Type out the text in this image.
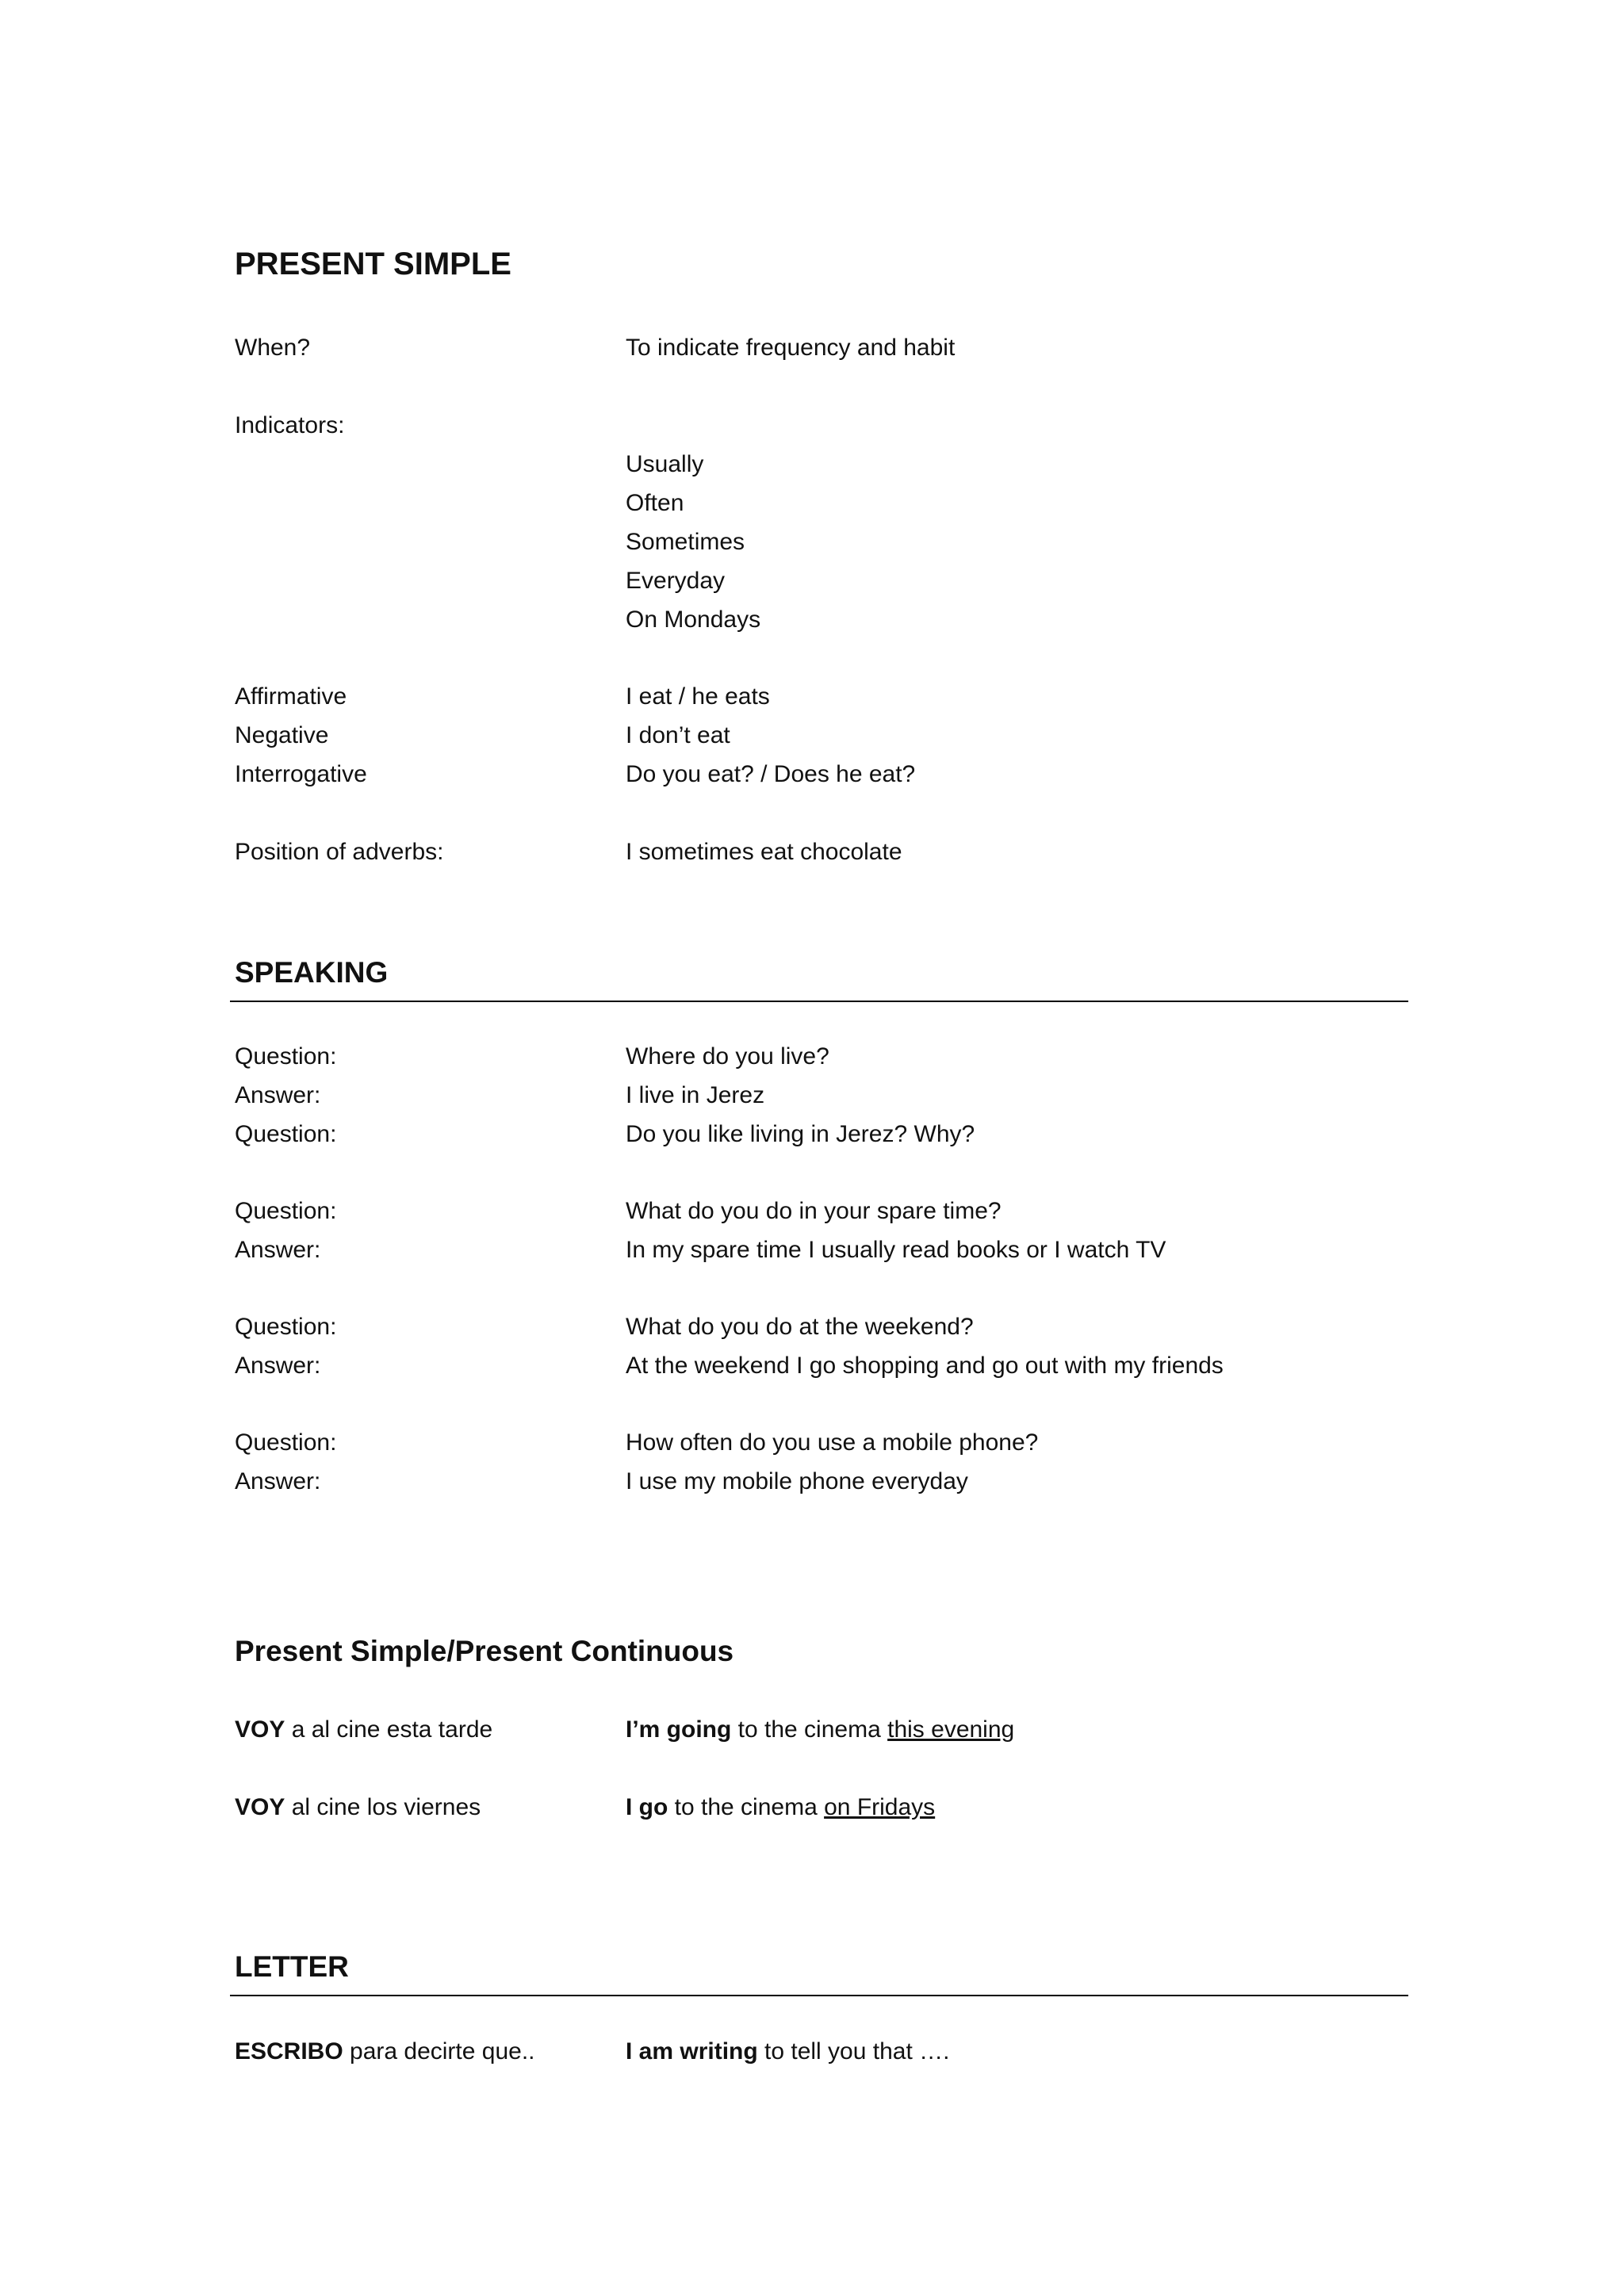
PRESENT SIMPLE
When?	To indicate frequency and habit
Indicators:
Usually
Often
Sometimes
Everyday
On Mondays
Affirmative	I eat / he eats
Negative	I don’t eat
Interrogative	Do you eat? / Does he eat?
Position of adverbs:	I sometimes eat chocolate
SPEAKING
Question:	Where do you live?
Answer:	I live in Jerez
Question:	Do you like living in Jerez? Why?
Question:	What do you do in your spare time?
Answer:	In my spare time I usually read books or I watch TV
Question:	What do you do at the weekend?
Answer:	At the weekend I go shopping and go out with my friends
Question:	How often do you use a mobile phone?
Answer:	I use my mobile phone everyday
Present Simple/Present Continuous
VOY a al cine esta tarde	I’m going to the cinema this evening
VOY al cine los viernes	I go to the cinema on Fridays
LETTER
ESCRIBO para decirte que..	I am writing to tell you that ….
